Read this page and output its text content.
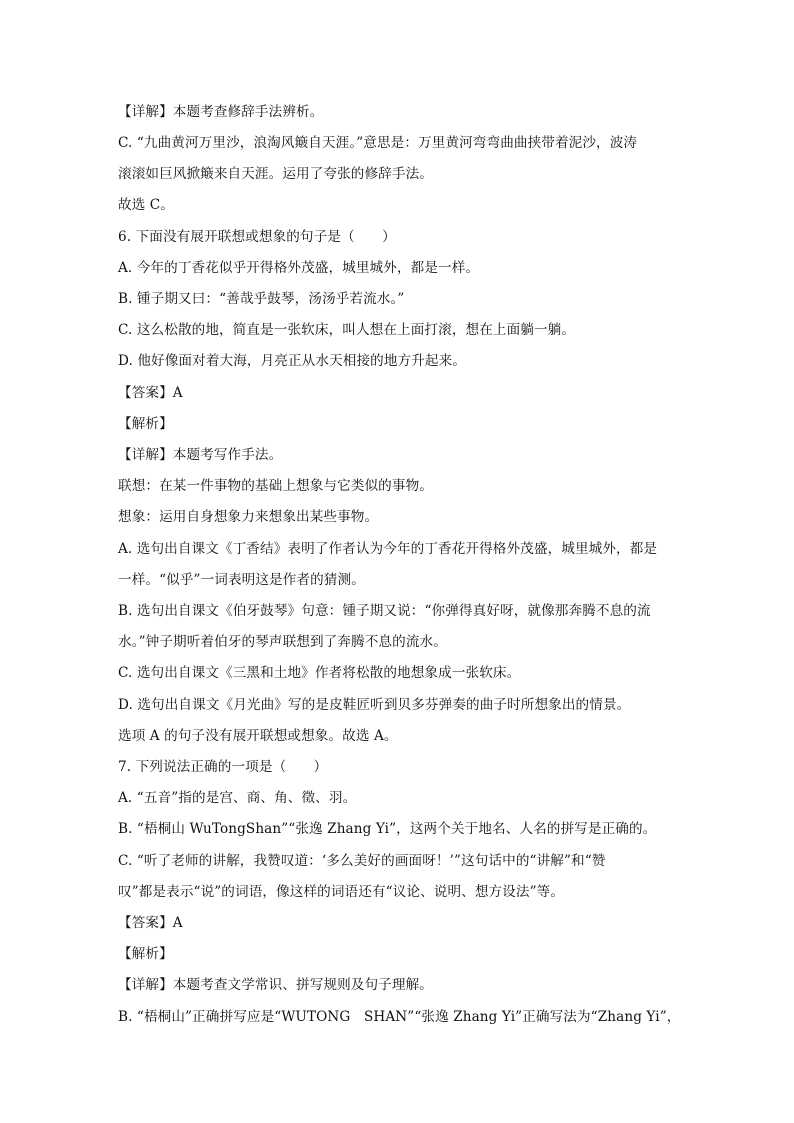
【详解】本题考查修辞手法辨析。
C. “九曲黄河万里沙，浪淘风簸自天涯。”意思是：万里黄河弯弯曲曲挟带着泥沙，波涛
滚滚如巨风掀簸来自天涯。运用了夸张的修辞手法。
故选 C。
6. 下面没有展开联想或想象的句子是（　　）
A. 今年的丁香花似乎开得格外茂盛，城里城外，都是一样。
B. 锺子期又曰：“善哉乎鼓琴，汤汤乎若流水。”
C. 这么松散的地，简直是一张软床，叫人想在上面打滚，想在上面躺一躺。
D. 他好像面对着大海，月亮正从水天相接的地方升起来。
【答案】A
【解析】
【详解】本题考写作手法。
联想：在某一件事物的基础上想象与它类似的事物。
想象：运用自身想象力来想象出某些事物。
A. 选句出自课文《丁香结》表明了作者认为今年的丁香花开得格外茂盛，城里城外，都是
一样。“似乎”一词表明这是作者的猜测。
B. 选句出自课文《伯牙鼓琴》句意：锺子期又说：“你弹得真好呀，就像那奔腾不息的流
水。”钟子期听着伯牙的琴声联想到了奔腾不息的流水。
C. 选句出自课文《三黑和土地》作者将松散的地想象成一张软床。
D. 选句出自课文《月光曲》写的是皮鞋匠听到贝多芬弹奏的曲子时所想象出的情景。
选项 A 的句子没有展开联想或想象。故选 A。
7. 下列说法正确的一项是（　　）
A. “五音”指的是宫、商、角、徵、羽。
B. “梧桐山 WuTongShan”“张逸 Zhang Yi”，这两个关于地名、人名的拼写是正确的。
C. “听了老师的讲解，我赞叹道：‘多么美好的画面呀！’”这句话中的“讲解”和“赞
叹”都是表示“说”的词语，像这样的词语还有“议论、说明、想方设法”等。
【答案】A
【解析】
【详解】本题考查文学常识、拼写规则及句子理解。
B. “梧桐山”正确拼写应是“WUTONG　SHAN”“张逸 Zhang Yi”正确写法为“Zhang Yi”，
